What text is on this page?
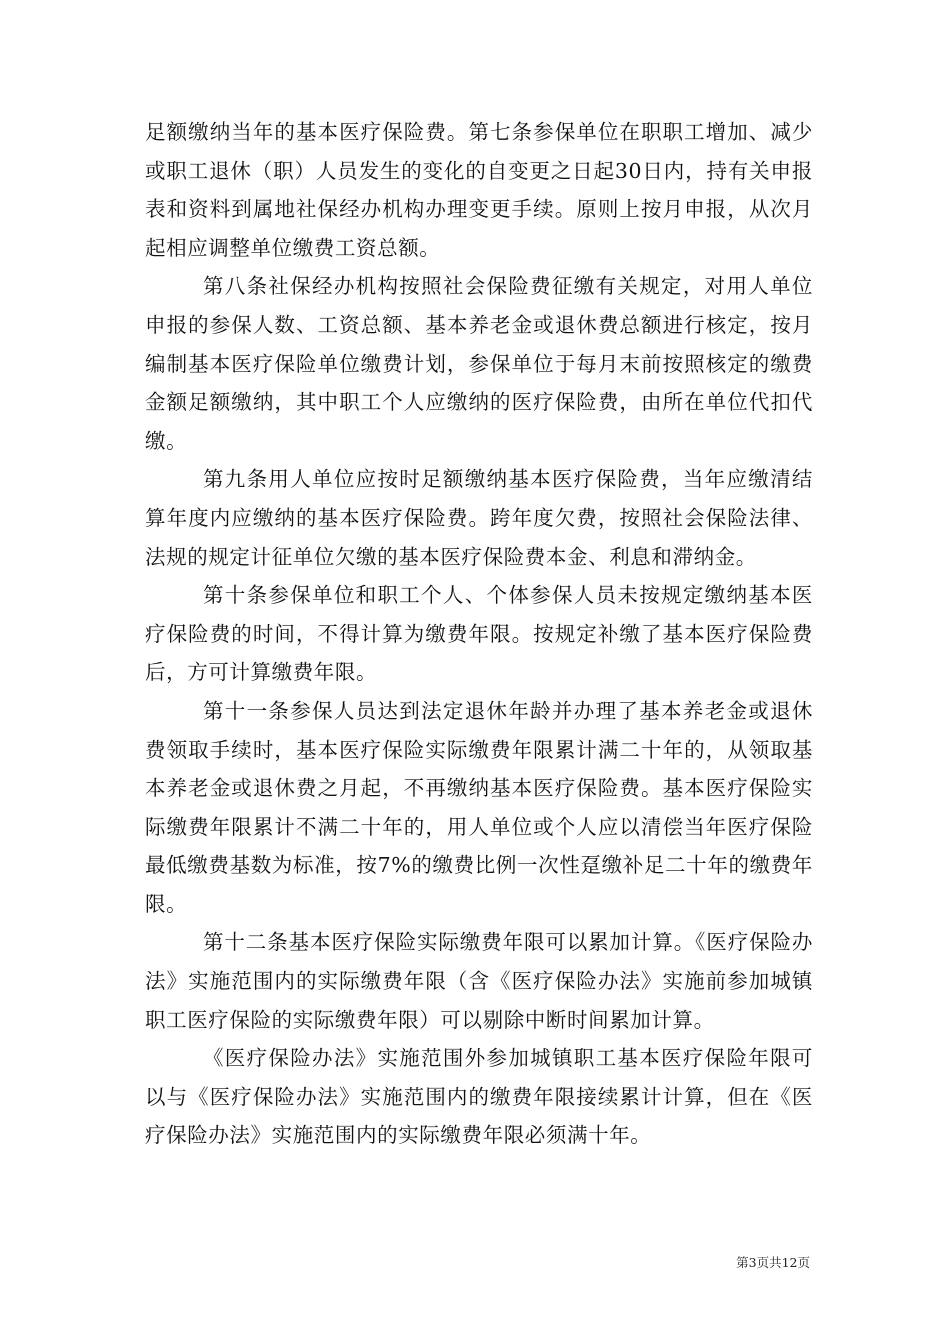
足额缴纳当年的基本医疗保险费。第七条参保单位在职职工增加、减少或职工退休（职）人员发生的变化的自变更之日起30日内，持有关申报表和资料到属地社保经办机构办理变更手续。原则上按月申报，从次月起相应调整单位缴费工资总额。

第八条社保经办机构按照社会保险费征缴有关规定，对用人单位申报的参保人数、工资总额、基本养老金或退休费总额进行核定，按月编制基本医疗保险单位缴费计划，参保单位于每月末前按照核定的缴费金额足额缴纳，其中职工个人应缴纳的医疗保险费，由所在单位代扣代缴。

第九条用人单位应按时足额缴纳基本医疗保险费，当年应缴清结算年度内应缴纳的基本医疗保险费。跨年度欠费，按照社会保险法律、法规的规定计征单位欠缴的基本医疗保险费本金、利息和滞纳金。

第十条参保单位和职工个人、个体参保人员未按规定缴纳基本医疗保险费的时间，不得计算为缴费年限。按规定补缴了基本医疗保险费后，方可计算缴费年限。

第十一条参保人员达到法定退休年龄并办理了基本养老金或退休费领取手续时，基本医疗保险实际缴费年限累计满二十年的，从领取基本养老金或退休费之月起，不再缴纳基本医疗保险费。基本医疗保险实际缴费年限累计不满二十年的，用人单位或个人应以清偿当年医疗保险最低缴费基数为标准，按7%的缴费比例一次性趸缴补足二十年的缴费年限。

第十二条基本医疗保险实际缴费年限可以累加计算。《医疗保险办法》实施范围内的实际缴费年限（含《医疗保险办法》实施前参加城镇职工医疗保险的实际缴费年限）可以剔除中断时间累加计算。

《医疗保险办法》实施范围外参加城镇职工基本医疗保险年限可以与《医疗保险办法》实施范围内的缴费年限接续累计计算，但在《医疗保险办法》实施范围内的实际缴费年限必须满十年。

第3页共12页
